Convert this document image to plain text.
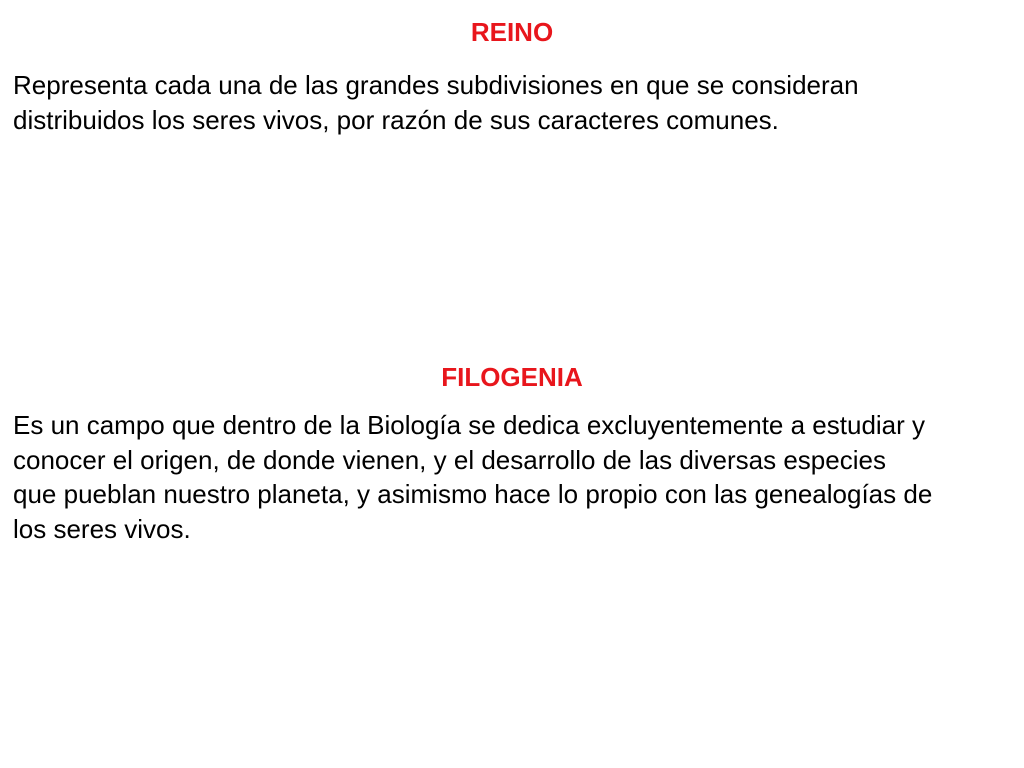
REINO

Representa cada una de las grandes subdivisiones en que se consideran
distribuidos los seres vivos, por razón de sus caracteres comunes.

FILOGENIA

Es un campo que dentro de la Biología se dedica excluyentemente a estudiar y
conocer el origen, de donde vienen, y el desarrollo de las diversas especies
que pueblan nuestro planeta, y asimismo hace lo propio con las genealogías de
los seres vivos.
